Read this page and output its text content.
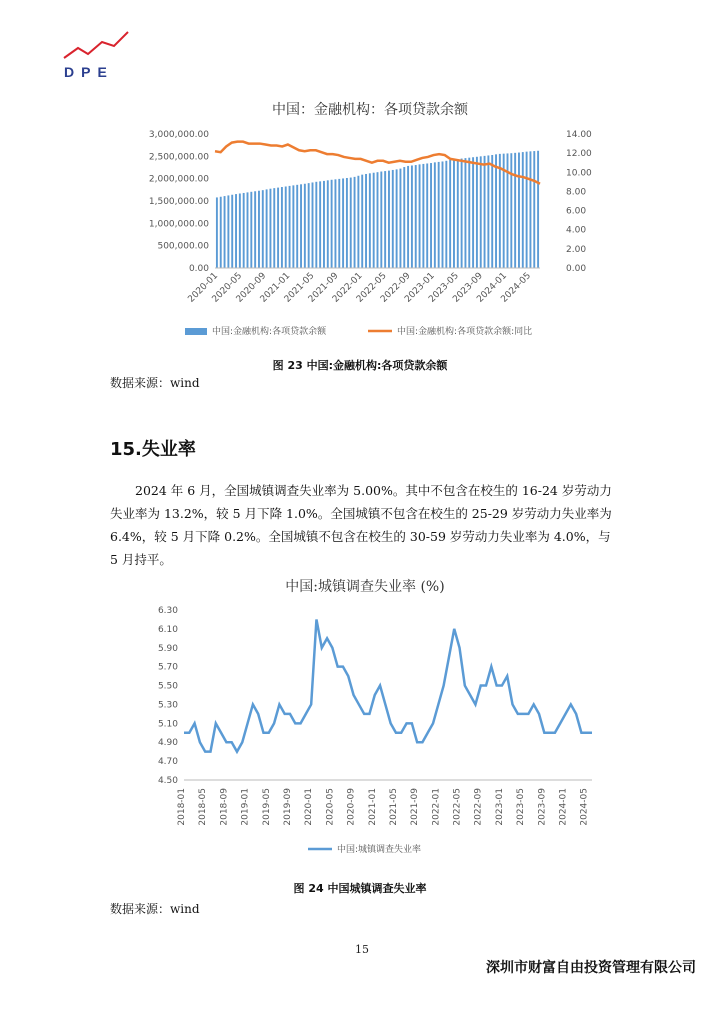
DPE
中国：金融机构：各项贷款余额
0.00
500,000.00
1,000,000.00
1,500,000.00
2,000,000.00
2,500,000.00
3,000,000.00
0.00
2.00
4.00
6.00
8.00
10.00
12.00
14.00
2020-01
2020-05
2020-09
2021-01
2021-05
2021-09
2022-01
2022-05
2022-09
2023-01
2023-05
2023-09
2024-01
2024-05
中国:金融机构:各项贷款余额	中国:金融机构:各项贷款余额:同比
图 23 中国:金融机构:各项贷款余额
数据来源：wind
15.失业率
2024 年 6 月，全国城镇调查失业率为 5.00%。其中不包含在校生的 16-24 岁劳动力失业率为 13.2%，较 5 月下降 1.0%。全国城镇不包含在校生的 25-29 岁劳动力失业率为 6.4%，较 5 月下降 0.2%。全国城镇不包含在校生的 30-59 岁劳动力失业率为 4.0%，与 5 月持平。
中国:城镇调查失业率 (%)
4.50
4.70
4.90
5.10
5.30
5.50
5.70
5.90
6.10
6.30
2018-01 2018-05 2018-09 2019-01 2019-05 2019-09 2020-01 2020-05 2020-09 2021-01 2021-05 2021-09 2022-01 2022-05 2022-09 2023-01 2023-05 2023-09 2024-01 2024-05
中国:城镇调查失业率
图 24 中国城镇调查失业率
数据来源：wind
15
深圳市财富自由投资管理有限公司
